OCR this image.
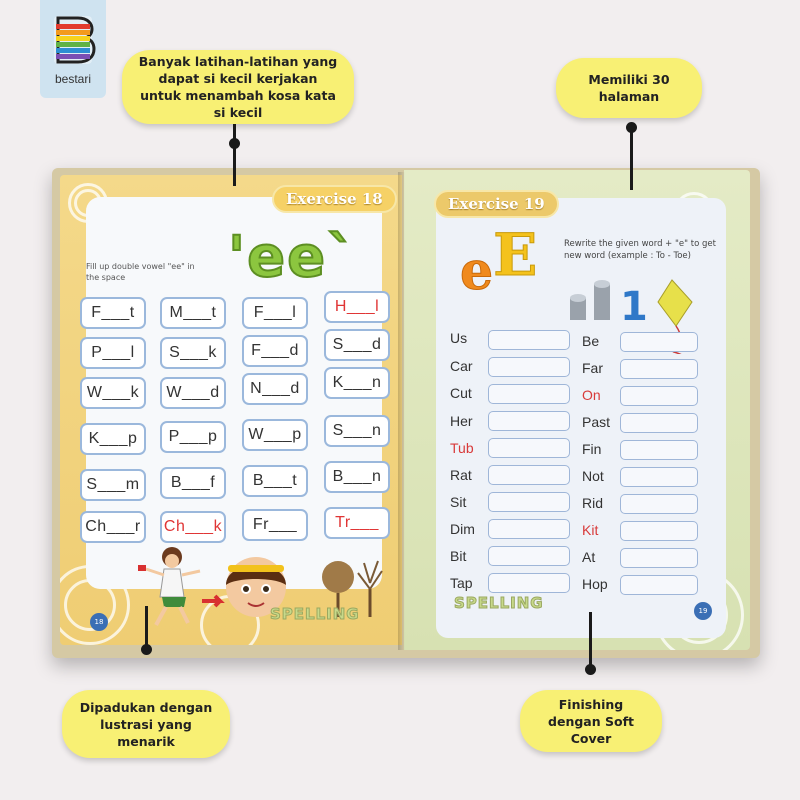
bestari
Exercise 18
'ee`
Fill up double vowel "ee" in the space
F___t	M___t	F___l	H___l
P___l	S___k	F___d	S___d
W___k	W___d	N___d	K___n
K___p	P___p	W___p	S___n
S___m	B___f	B___t	B___n
Ch___r	Ch___k	Fr___	Tr___
SPELLING
18
Exercise 19
eE	Rewrite the given word + "e" to get new word (example : To - Toe)
1
Us
Car
Cut
Her
Tub
Rat
Sit
Dim
Bit
Tap
Be
Far
On
Past
Fin
Not
Rid
Kit
At
Hop
SPELLING	19
Banyak latihan-latihan yang dapat si kecil kerjakan untuk menambah kosa kata si kecil
Memiliki 30 halaman
Dipadukan dengan lustrasi yang menarik
Finishing dengan Soft Cover
